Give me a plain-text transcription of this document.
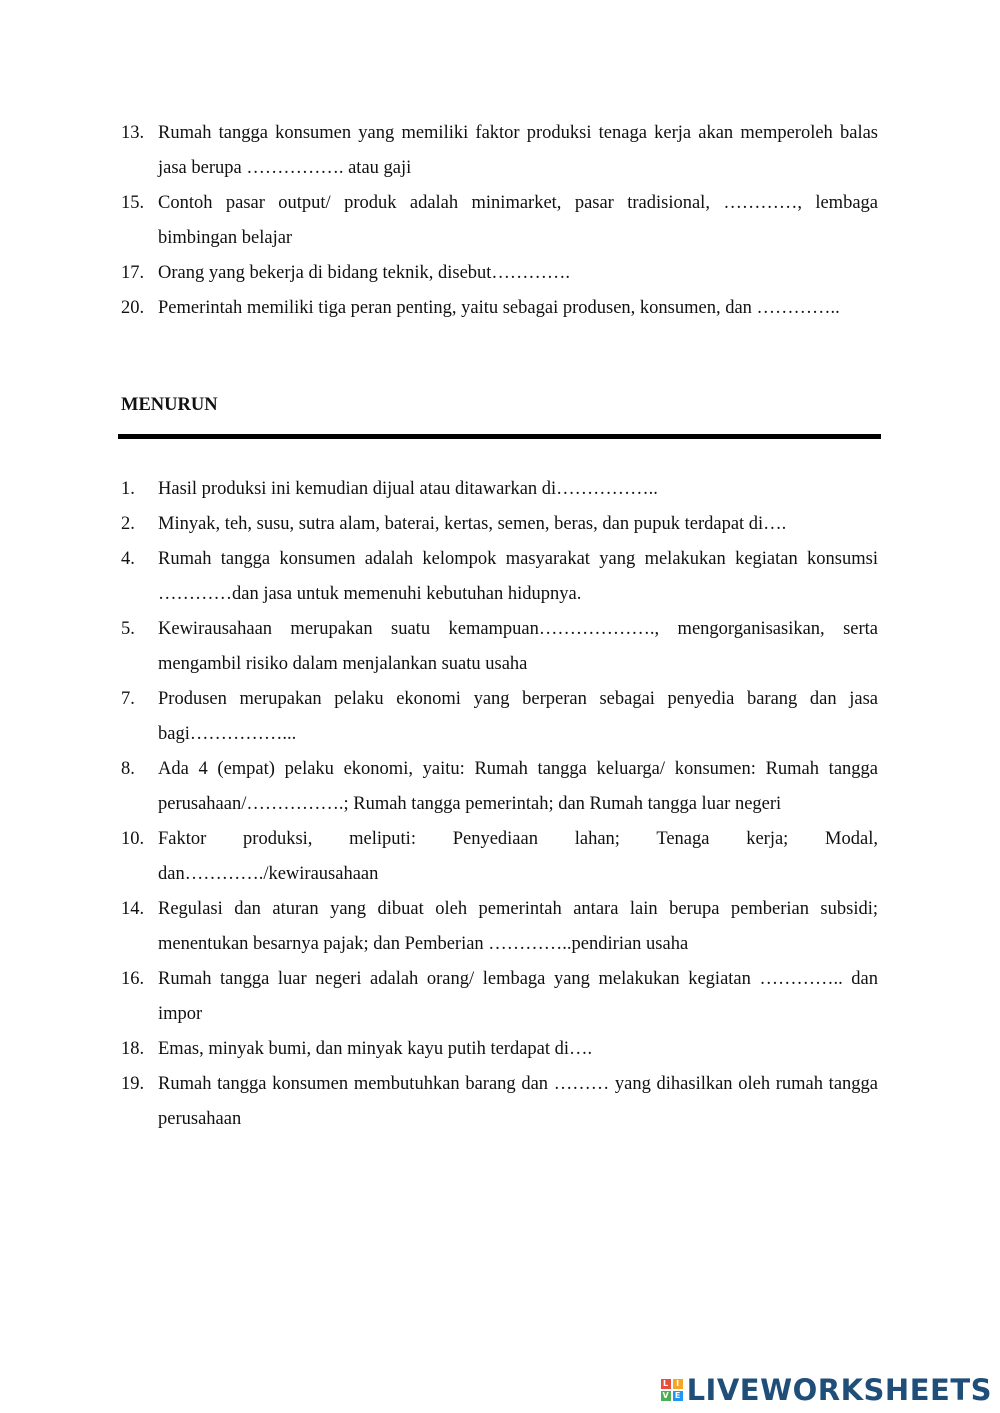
13. Rumah tangga konsumen yang memiliki faktor produksi tenaga kerja akan memperoleh balas jasa berupa ……………. atau gaji
15. Contoh pasar output/ produk adalah minimarket, pasar tradisional, …………, lembaga bimbingan belajar
17. Orang yang bekerja di bidang teknik, disebut………….
20. Pemerintah memiliki tiga peran penting, yaitu sebagai produsen, konsumen, dan …………..
MENURUN
1. Hasil produksi ini kemudian dijual atau ditawarkan di……………..
2. Minyak, teh, susu, sutra alam, baterai, kertas, semen, beras, dan pupuk terdapat di….
4. Rumah tangga konsumen adalah kelompok masyarakat yang melakukan kegiatan konsumsi …………dan jasa untuk memenuhi kebutuhan hidupnya.
5. Kewirausahaan merupakan suatu kemampuan………………., mengorganisasikan, serta mengambil risiko dalam menjalankan suatu usaha
7. Produsen merupakan pelaku ekonomi yang berperan sebagai penyedia barang dan jasa bagi……………...
8. Ada 4 (empat) pelaku ekonomi, yaitu: Rumah tangga keluarga/ konsumen: Rumah tangga perusahaan/…………….; Rumah tangga pemerintah; dan Rumah tangga luar negeri
10. Faktor produksi, meliputi: Penyediaan lahan; Tenaga kerja; Modal, dan…………./kewirausahaan
14. Regulasi dan aturan yang dibuat oleh pemerintah antara lain berupa pemberian subsidi; menentukan besarnya pajak; dan Pemberian …………..pendirian usaha
16. Rumah tangga luar negeri adalah orang/ lembaga yang melakukan kegiatan ………….. dan impor
18. Emas, minyak bumi, dan minyak kayu putih terdapat di….
19. Rumah tangga konsumen membutuhkan barang dan ……… yang dihasilkan oleh rumah tangga perusahaan
L I
V E LIVEWORKSHEETS
